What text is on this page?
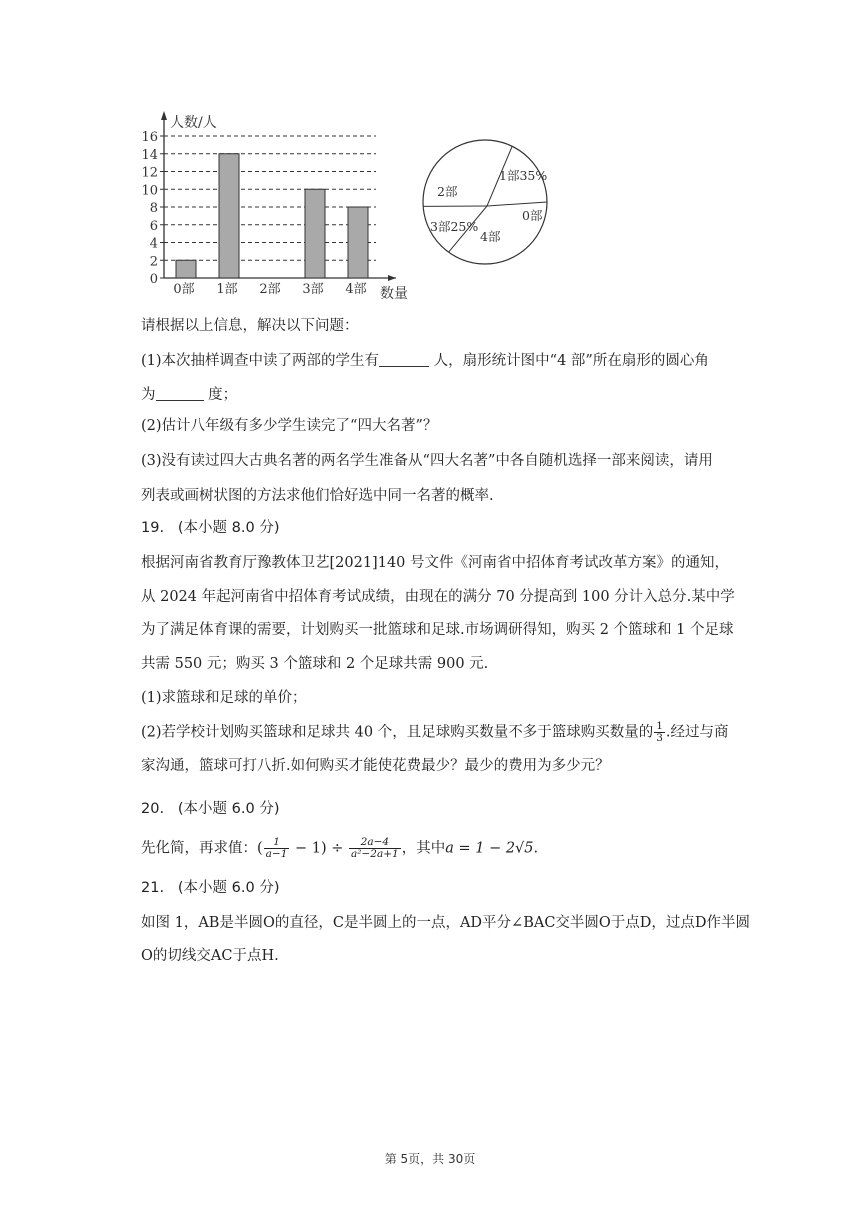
0
2
4
6
8
10
12
14
16
人数/人
数量
0部 1部 2部 3部 4部
1部35%
2部
3部25%
4部
0部
请根据以上信息，解决以下问题：
(1)本次抽样调查中读了两部的学生有	人，扇形统计图中“4 部”所在扇形的圆心角
为	度；
(2)估计八年级有多少学生读完了“四大名著”？
(3)没有读过四大古典名著的两名学生准备从“四大名著”中各自随机选择一部来阅读，请用
列表或画树状图的方法求他们恰好选中同一名著的概率.
19.   (本小题 8.0 分)
根据河南省教育厅豫教体卫艺[2021]140 号文件《河南省中招体育考试改革方案》的通知，
从 2024 年起河南省中招体育考试成绩，由现在的满分 70 分提高到 100 分计入总分.某中学
为了满足体育课的需要，计划购买一批篮球和足球.市场调研得知，购买 2 个篮球和 1 个足球
共需 550 元；购买 3 个篮球和 2 个足球共需 900 元.
(1)求篮球和足球的单价；
(2)若学校计划购买篮球和足球共 40 个，且足球购买数量不多于篮球购买数量的 $\frac{1}{3}$ .经过与商
家沟通，篮球可打八折.如何购买才能使花费最少？最少的费用为多少元？
20.   (本小题 6.0 分)
先化简，再求值：( $\frac{1}{a-1} - 1) \div \frac{2a-4}{\text{a²−2a+1}}$ ，其中a = 1 − 2√5.
21.   (本小题 6.0 分)
如图 1，AB是半圆O的直径，C是半圆上的一点，AD平分∠BAC交半圆O于点D，过点D作半圆
O的切线交AC于点H.
第 5页，共 30页
